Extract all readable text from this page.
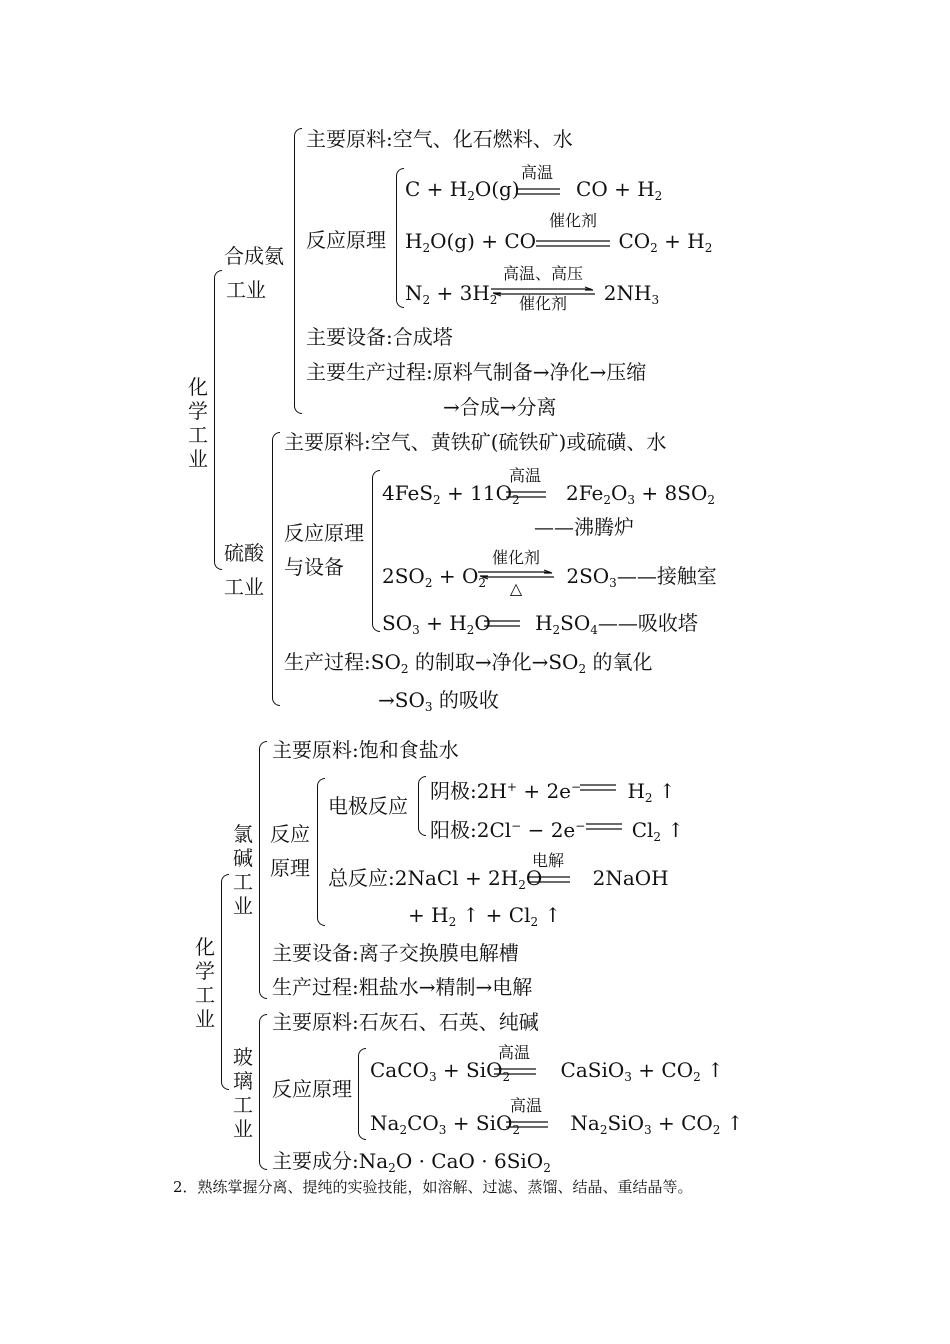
化学工业
合成氨
工业
主要原料:空气、化石燃料、水
反应原理
$C + H_2O(g)$	CO + $H_2$
高温
$H_2O(g)$ + CO	$CO_2 + H_2$
催化剂
$N_2 + 3H_2$	$2NH_3$
高温、高压
催化剂
主要设备:合成塔
主要生产过程:原料气制备→净化→压缩
→合成→分离
硫酸
工业
主要原料:空气、黄铁矿(硫铁矿)或硫磺、水
反应原理
与设备
$4FeS_2 + 11O_2$ $2Fe_2O_3 + 8SO_2$
高温
——沸腾炉
$2SO_2 + O_2$	$2SO_3——$接触室
催化剂
△
$SO_3 + H_2O$ $H_2SO_4——$吸收塔
生产过程$:SO_2$ 的制取→净化$\to SO_2$ 的氧化
$\to SO_3$ 的吸收
化学工业
氯碱工业
主要原料:饱和食盐水
反应
原理
电极反应
阴极:2H+ + 2e− $H_2$ ↑
阳极:2Cl− − 2e− $Cl_2$ ↑
总反应:2NaCl + $2H_2O$ 2NaOH
电解
+ $H_2$ ↑ + $Cl_2$ ↑
主要设备:离子交换膜电解槽
生产过程:粗盐水→精制→电解
玻璃工业
主要原料:石灰石、石英、纯碱
反应原理
CaCO$_3$ + SiO$_2$	CaSiO$_3$ + $CO_2$ ↑
高温
$Na_2CO_3 + SiO_2$	$Na_2SiO_3 + CO_2$ ↑
高温
主要成分$:Na_2O$ · CaO · 6SiO$_2$
2．熟练掌握分离、提纯的实验技能，如溶解、过滤、蒸馏、结晶、重结晶等。
